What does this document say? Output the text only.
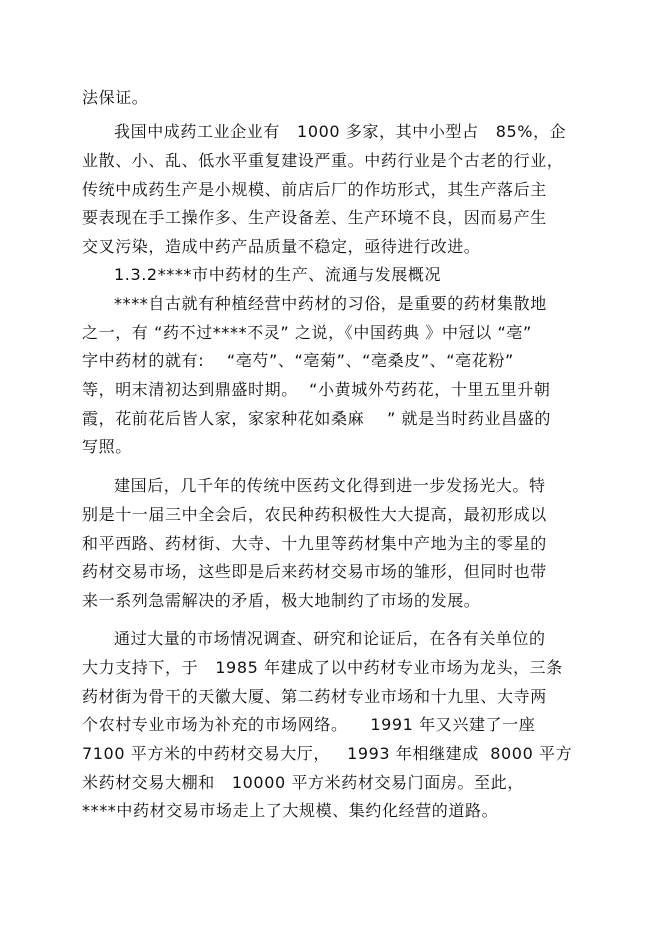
法保证。
我国中成药工业企业有   1000 多家，其中小型占   85%，企
业散、小、乱、低水平重复建设严重。中药行业是个古老的行业，
传统中成药生产是小规模、前店后厂的作坊形式，其生产落后主
要表现在手工操作多、生产设备差、生产环境不良，因而易产生
交叉污染，造成中药产品质量不稳定，亟待进行改进。
1.3.2****市中药材的生产、流通与发展概况
****自古就有种植经营中药材的习俗，是重要的药材集散地
之一，有 “药不过****不灵” 之说，《中国药典 》中冠以 “亳”
字中药材的就有:    “亳芍”、“亳菊”、“亳桑皮”、“亳花粉”
等，明末清初达到鼎盛时期。  “小黄城外芍药花，十里五里升朝
霞，花前花后皆人家，家家种花如桑麻    ” 就是当时药业昌盛的
写照。
建国后，几千年的传统中医药文化得到进一步发扬光大。特
别是十一届三中全会后，农民种药积极性大大提高，最初形成以
和平西路、药材街、大寺、十九里等药材集中产地为主的零星的
药材交易市场，这些即是后来药材交易市场的雏形，但同时也带
来一系列急需解决的矛盾，极大地制约了市场的发展。
通过大量的市场情况调查、研究和论证后，在各有关单位的
大力支持下，于   1985 年建成了以中药材专业市场为龙头，三条
药材街为骨干的天徽大厦、第二药材专业市场和十九里、大寺两
个农村专业市场为补充的市场网络。    1991 年又兴建了一座
7100 平方米的中药材交易大厅，   1993 年相继建成  8000 平方
米药材交易大棚和   10000 平方米药材交易门面房。至此，
****中药材交易市场走上了大规模、集约化经营的道路。
